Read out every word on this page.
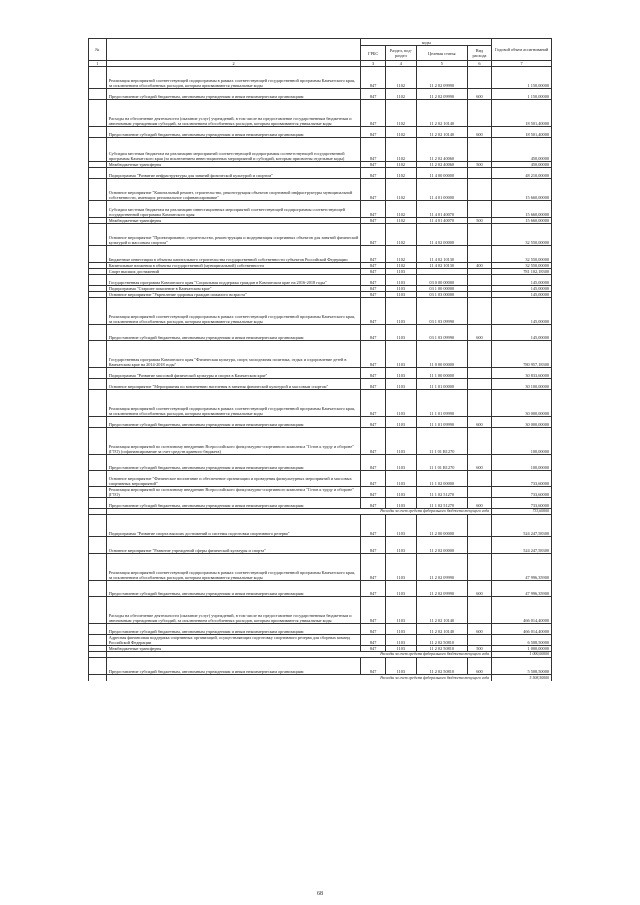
№		коды				Годовой объем ассигнований
		ГРБС	Раздел, под-раздел	Целевая статья	Вид расхода	
1	2	3	4	5	6	7
	Реализация мероприятий соответствующей подпрограммы в рамках соответствующей государственной программы Камчатского края, за исключением обособленных расходов, которым присваиваются уникальные коды	847	1102	11 2 02 09990		1 150,00000
	Предоставление субсидий бюджетным, автономным учреждениям и иным некоммерческим организациям	847	1102	11 2 02 09990	600	1 150,00000
	Расходы на обеспечение деятельности (оказание услуг) учреждений, в том числе на предоставление государственным бюджетным и автономным учреждениям субсидий, за исключением обособленных расходов, которым присваиваются уникальные коды	847	1102	11 2 02 10140		18 501,40000
	Предоставление субсидий бюджетным, автономным учреждениям и иным некоммерческим организациям	847	1102	11 2 02 10140	600	18 501,40000
	Субсидии местным бюджетам на реализацию мероприятий соответствующей подпрограммы соответствующей государственной программы Камчатского края (за исключением инвестиционных мероприятий и субсидий, которым присвоены отдельные коды)	847	1102	11 2 02 40060		450,00000
	Межбюджетные трансферты	847	1102	11 2 02 40060	500	450,00000
	Подпрограмма "Развитие инфраструктуры для занятий физической культурой и спортом"	847	1102	11 4 00 00000		48 210,00000
	Основное мероприятие "Капитальный ремонт, строительство, реконструкция объектов спортивной инфраструктуры муниципальной собственности, имеющих региональное софинансирование"	847	1102	11 4 01 00000		15 660,00000
	Субсидии местным бюджетам на реализацию инвестиционных мероприятий соответствующей подпрограммы соответствующей государственной программы Камчатского края	847	1102	11 4 01 40070		15 660,00000
	Межбюджетные трансферты	847	1102	11 4 01 40070	500	15 660,00000
	Основное мероприятие "Проектирование, строительство, реконструкция и модернизация спортивных объектов для занятий физической культурой и массовым спортом"	847	1102	11 4 02 00000		32 550,00000
	Бюджетные инвестиции в объекты капитального строительства государственной собственности субъектов Российской Федерации	847	1102	11 4 02 10130		32 550,00000
	Капитальные вложения в объекты государственной (муниципальной) собственности	847	1102	11 4 02 10130	400	32 550,00000
	Спорт высших достижений	847	1103			781 102,18300
	Государственная программа Камчатского края "Социальная поддержка граждан в Камчатском крае на 2016-2018 годы"	847	1103	03 0 00 00000		145,00000
	Подпрограмма "Старшее поколение в Камчатском крае"	847	1103	03 1 00 00000		145,00000
	Основное мероприятие "Укрепление здоровья граждан пожилого возраста"	847	1103	03 1 03 00000		145,00000
	Реализация мероприятий соответствующей подпрограммы в рамках соответствующей государственной программы Камчатского края, за исключением обособленных расходов, которым присваиваются уникальные коды	847	1103	03 1 03 09990		145,00000
	Предоставление субсидий бюджетным, автономным учреждениям и иным некоммерческим организациям	847	1103	03 1 03 09990	600	145,00000
	Государственная программа Камчатского края "Физическая культура, спорт, молодежная политика, отдых и оздоровление детей в Камчатском крае на 2014-2018 годы"	847	1103	11 0 00 00000		780 957,18300
	Подпрограмма "Развитие массовой физической культуры и спорта в Камчатском крае"	847	1103	11 1 00 00000		30 833,60000
	Основное мероприятие "Мероприятия по вовлечению населения в занятия физической культурой и массовым спортом"	847	1103	11 1 01 00000		30 100,00000
	Реализация мероприятий соответствующей подпрограммы в рамках соответствующей государственной программы Камчатского края, за исключением обособленных расходов, которым присваиваются уникальные коды	847	1103	11 1 01 09990		30 000,00000
	Предоставление субсидий бюджетным, автономным учреждениям и иным некоммерческим организациям	847	1103	11 1 01 09990	600	30 000,00000
	Реализация мероприятий по поэтапному внедрению Всероссийского физкультурно-спортивного комплекса "Готов к труду и обороне" (ГТО) (софинансирование за счет средств краевого бюджета)	847	1103	11 1 01 R1270		100,00000
	Предоставление субсидий бюджетным, автономным учреждениям и иным некоммерческим организациям	847	1103	11 1 01 R1270	600	100,00000
	Основное мероприятие "Физическое воспитание и обеспечение организации и проведения физкультурных мероприятий и массовых спортивных мероприятий"	847	1103	11 1 02 00000		733,60000
	Реализация мероприятий по поэтапному внедрению Всероссийского физкультурно-спортивного комплекса "Готов к труду и обороне" (ГТО)	847	1103	11 1 02 51270		733,60000
	Предоставление субсидий бюджетным, автономным учреждениям и иным некоммерческим организациям	847	1103	11 1 02 51270	600	733,60000
	Расходы за счет средств федерального бюджета текущего года					733,60000
	Подпрограмма "Развитие спорта высших достижений и системы подготовки спортивного резерва"	847	1103	11 2 00 00000		524 247,58300
	Основное мероприятие "Развитие учреждений сферы физической культуры и спорта"	847	1103	11 2 02 00000		524 247,58300
	Реализация мероприятий соответствующей подпрограммы в рамках соответствующей государственной программы Камчатского края, за исключением обособленных расходов, которым присваиваются уникальные коды	847	1103	11 2 02 09990		47 996,35900
	Предоставление субсидий бюджетным, автономным учреждениям и иным некоммерческим организациям	847	1103	11 2 02 09990	600	47 996,35900
	Расходы на обеспечение деятельности (оказание услуг) учреждений, в том числе на предоставление государственным бюджетным и автономным учреждениям субсидий, за исключением обособленных расходов, которым присваиваются уникальные коды	847	1103	11 2 02 10140		466 014,40000
	Предоставление субсидий бюджетным, автономным учреждениям и иным некоммерческим организациям	847	1103	11 2 02 10140	600	466 014,40000
	Адресная финансовая поддержка спортивных организаций, осуществляющих подготовку спортивного резерва для сборных команд Российской Федерации	847	1103	11 2 02 50810		6 508,50000
	Межбюджетные трансферты	847	1103	11 2 02 50810	500	1 000,00000
	Расходы за счет средств федерального бюджета текущего года					1 000,00000
	Предоставление субсидий бюджетным, автономным учреждениям и иным некоммерческим организациям	847	1103	11 2 02 50810	600	5 508,50000
	Расходы за счет средств федерального бюджета текущего года					5 508,50000
68
